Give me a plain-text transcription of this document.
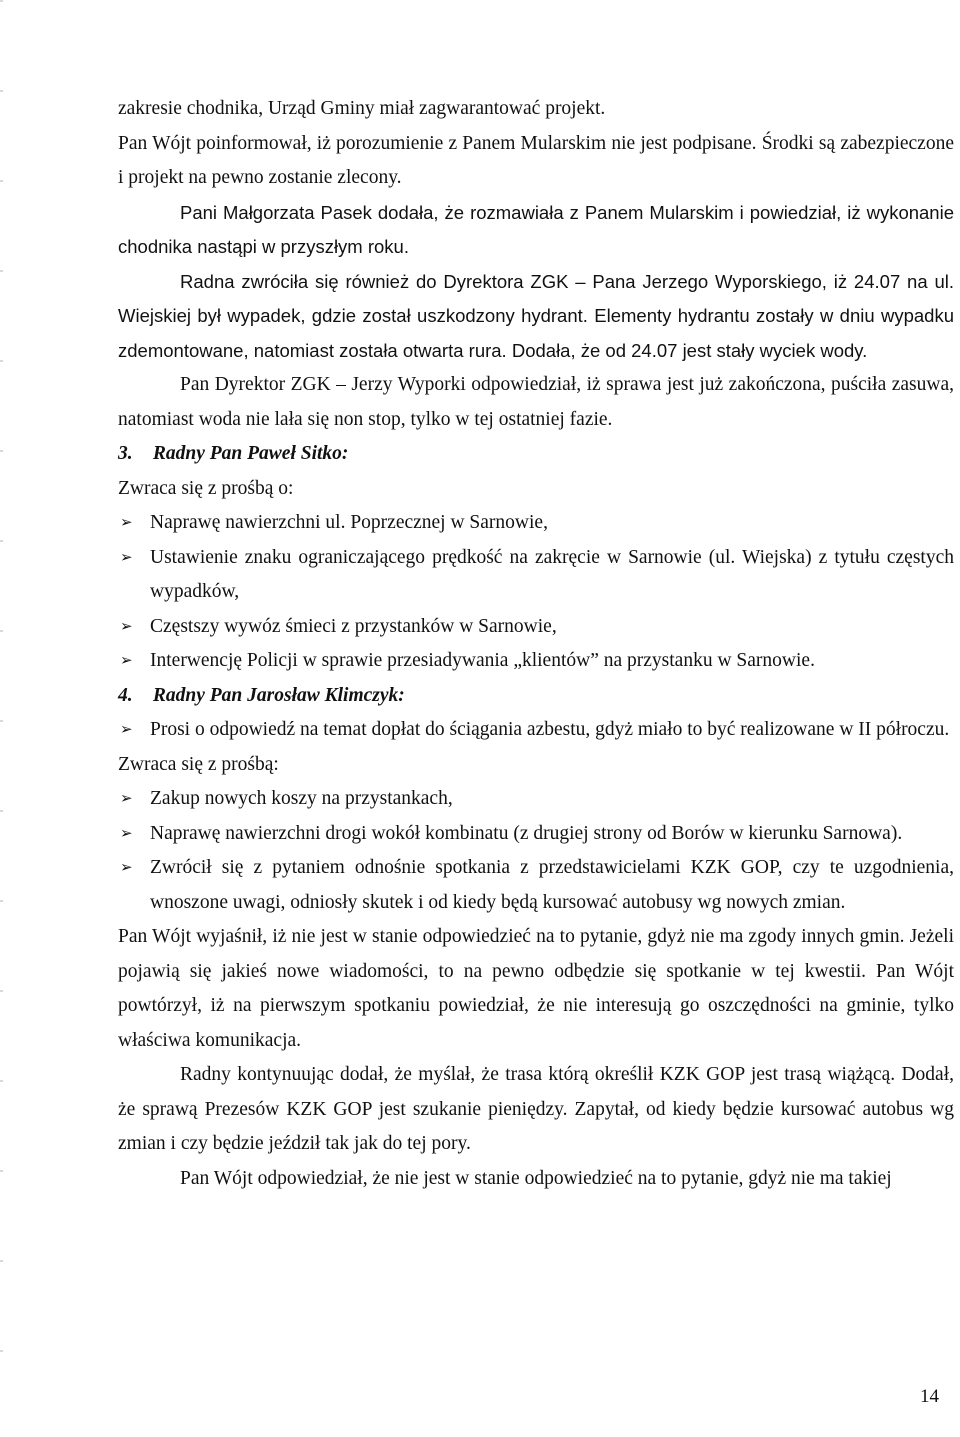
zakresie chodnika, Urząd Gminy miał zagwarantować projekt.

Pan Wójt poinformował, iż porozumienie z Panem Mularskim nie jest podpisane. Środki są zabezpieczone i projekt na pewno zostanie zlecony.

Pani Małgorzata Pasek dodała, że rozmawiała z Panem Mularskim i powiedział, iż wykonanie chodnika nastąpi w przyszłym roku.

Radna zwróciła się również do Dyrektora ZGK – Pana Jerzego Wyporskiego, iż 24.07 na ul. Wiejskiej był wypadek, gdzie został uszkodzony hydrant. Elementy hydrantu zostały w dniu wypadku zdemontowane, natomiast została otwarta rura. Dodała, że od 24.07 jest stały wyciek wody.

Pan Dyrektor ZGK – Jerzy Wyporki odpowiedział, iż sprawa jest już zakończona, puściła zasuwa, natomiast woda nie lała się non stop, tylko w tej ostatniej fazie.

3. Radny Pan Paweł Sitko:

Zwraca się z prośbą o:

➢ Naprawę nawierzchni ul. Poprzecznej w Sarnowie,
➢ Ustawienie znaku ograniczającego prędkość na zakręcie w Sarnowie (ul. Wiejska) z tytułu częstych wypadków,
➢ Częstszy wywóz śmieci z przystanków w Sarnowie,
➢ Interwencję Policji w sprawie przesiadywania „klientów” na przystanku w Sarnowie.

4. Radny Pan Jarosław Klimczyk:

➢ Prosi o odpowiedź na temat dopłat do ściągania azbestu, gdyż miało to być realizowane w II półroczu.

Zwraca się z prośbą:

➢ Zakup nowych koszy na przystankach,
➢ Naprawę nawierzchni drogi wokół kombinatu (z drugiej strony od Borów w kierunku Sarnowa).
➢ Zwrócił się z pytaniem odnośnie spotkania z przedstawicielami KZK GOP, czy te uzgodnienia, wnoszone uwagi, odniosły skutek i od kiedy będą kursować autobusy wg nowych zmian.

Pan Wójt wyjaśnił, iż nie jest w stanie odpowiedzieć na to pytanie, gdyż nie ma zgody innych gmin. Jeżeli pojawią się jakieś nowe wiadomości, to na pewno odbędzie się spotkanie w tej kwestii. Pan Wójt powtórzył, iż na pierwszym spotkaniu powiedział, że nie interesują go oszczędności na gminie, tylko właściwa komunikacja.

Radny kontynuując dodał, że myślał, że trasa którą określił KZK GOP jest trasą wiążącą. Dodał, że sprawą Prezesów KZK GOP jest szukanie pieniędzy. Zapytał, od kiedy będzie kursować autobus wg zmian i czy będzie jeździł tak jak do tej pory.

Pan Wójt odpowiedział, że nie jest w stanie odpowiedzieć na to pytanie, gdyż nie ma takiej

14
